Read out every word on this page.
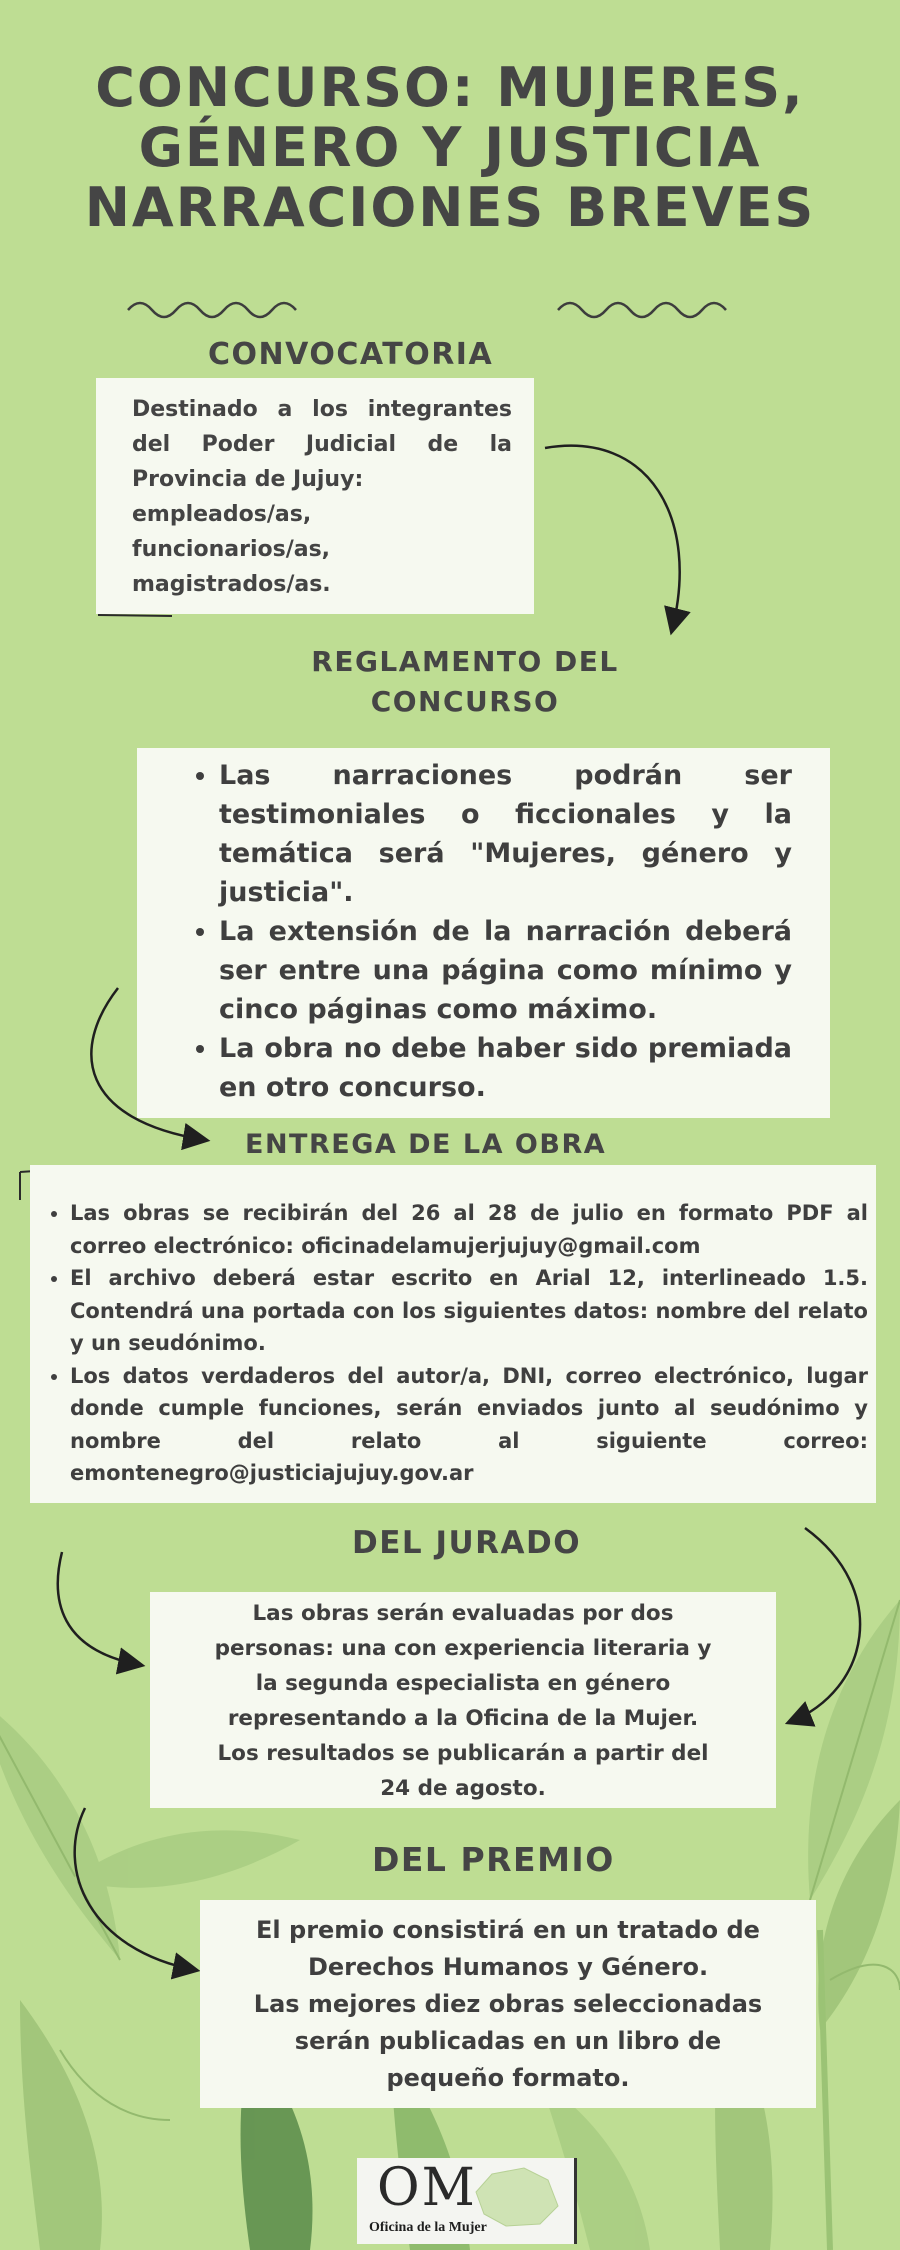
CONCURSO: MUJERES,
GÉNERO Y JUSTICIA
NARRACIONES BREVES
CONVOCATORIA
Destinado a los integrantes
del Poder Judicial de la
Provincia de Jujuy:
empleados/as,
funcionarios/as,
magistrados/as.
REGLAMENTO DEL
CONCURSO
• Las narraciones podrán ser testimoniales o ficcionales y la temática será "Mujeres, género y justicia".
• La extensión de la narración deberá ser entre una página como mínimo y cinco páginas como máximo.
• La obra no debe haber sido premiada en otro concurso.
ENTREGA DE LA OBRA
• Las obras se recibirán del 26 al 28 de julio en formato PDF al correo electrónico: oficinadelamujerjujuy@gmail.com
• El archivo deberá estar escrito en Arial 12, interlineado 1.5. Contendrá una portada con los siguientes datos: nombre del relato y un seudónimo.
• Los datos verdaderos del autor/a, DNI, correo electrónico, lugar donde cumple funciones, serán enviados junto al seudónimo y nombre del relato al siguiente correo: emontenegro@justiciajujuy.gov.ar
DEL JURADO
Las obras serán evaluadas por dos
personas: una con experiencia literaria y
la segunda especialista en género
representando a la Oficina de la Mujer.
Los resultados se publicarán a partir del
24 de agosto.
DEL PREMIO
El premio consistirá en un tratado de
Derechos Humanos y Género.
Las mejores diez obras seleccionadas
serán publicadas en un libro de
pequeño formato.
OM
Oficina de la Mujer
